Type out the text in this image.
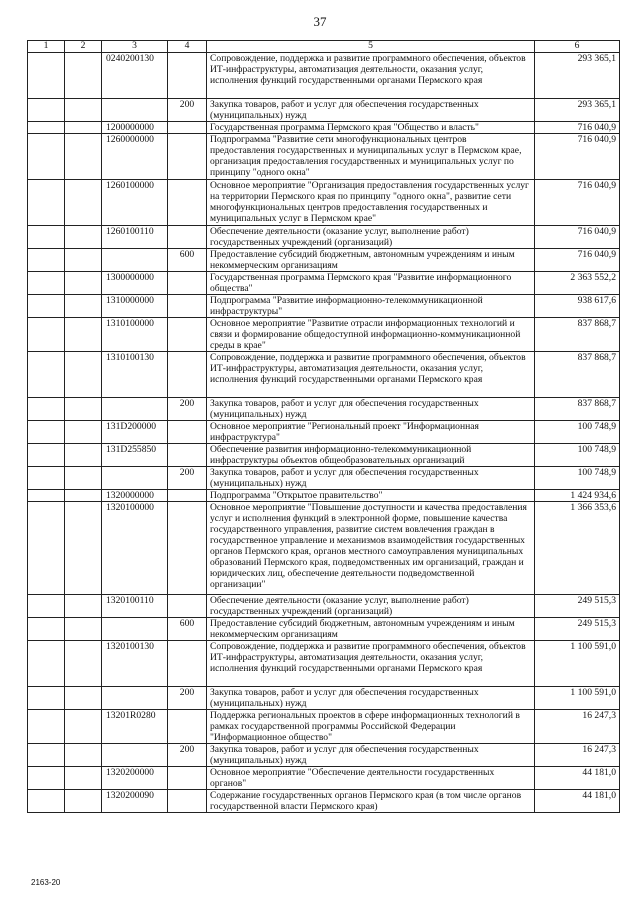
37
1	2	3	4	5	6
		0240200130		Сопровождение, поддержка и развитие программного обеспечения, объектов ИТ-инфраструктуры, автоматизация деятельности, оказания услуг, исполнения функций государственными органами Пермского края	293 365,1
			200	Закупка товаров, работ и услуг для обеспечения государственных (муниципальных) нужд	293 365,1
		1200000000		Государственная программа Пермского края "Общество и власть"	716 040,9
		1260000000		Подпрограмма "Развитие сети многофункциональных центров предоставления государственных и муниципальных услуг в Пермском крае, организация предоставления государственных и муниципальных услуг по принципу "одного окна"	716 040,9
		1260100000		Основное мероприятие "Организация предоставления государственных услуг на территории Пермского края по принципу "одного окна", развитие сети многофункциональных центров предоставления государственных и муниципальных услуг в Пермском крае"	716 040,9
		1260100110		Обеспечение деятельности (оказание услуг, выполнение работ) государственных учреждений (организаций)	716 040,9
			600	Предоставление субсидий бюджетным, автономным учреждениям и иным некоммерческим организациям	716 040,9
		1300000000		Государственная программа Пермского края "Развитие информационного общества"	2 363 552,2
		1310000000		Подпрограмма "Развитие информационно-телекоммуникационной инфраструктуры"	938 617,6
		1310100000		Основное мероприятие "Развитие отрасли информационных технологий и связи и формирование общедоступной информационно-коммуникационной среды в крае"	837 868,7
		1310100130		Сопровождение, поддержка и развитие программного обеспечения, объектов ИТ-инфраструктуры, автоматизация деятельности, оказания услуг, исполнения функций государственными органами Пермского края	837 868,7
			200	Закупка товаров, работ и услуг для обеспечения государственных (муниципальных) нужд	837 868,7
		131D200000		Основное мероприятие "Региональный проект "Информационная инфраструктура"	100 748,9
		131D255850		Обеспечение развития информационно-телекоммуникационной инфраструктуры объектов общеобразовательных организаций	100 748,9
			200	Закупка товаров, работ и услуг для обеспечения государственных (муниципальных) нужд	100 748,9
		1320000000		Подпрограмма "Открытое правительство"	1 424 934,6
		1320100000		Основное мероприятие "Повышение доступности и качества предоставления услуг и исполнения функций в электронной форме, повышение качества государственного управления, развитие систем вовлечения граждан в государственное управление и механизмов взаимодействия государственных органов Пермского края, органов местного самоуправления муниципальных образований Пермского края, подведомственных им организаций, граждан и юридических лиц, обеспечение деятельности подведомственной организации"	1 366 353,6
		1320100110		Обеспечение деятельности (оказание услуг, выполнение работ) государственных учреждений (организаций)	249 515,3
			600	Предоставление субсидий бюджетным, автономным учреждениям и иным некоммерческим организациям	249 515,3
		1320100130		Сопровождение, поддержка и развитие программного обеспечения, объектов ИТ-инфраструктуры, автоматизация деятельности, оказания услуг, исполнения функций государственными органами Пермского края	1 100 591,0
			200	Закупка товаров, работ и услуг для обеспечения государственных (муниципальных) нужд	1 100 591,0
		13201R0280		Поддержка региональных проектов в сфере информационных технологий в рамках государственной программы Российской Федерации "Информационное общество"	16 247,3
			200	Закупка товаров, работ и услуг для обеспечения государственных (муниципальных) нужд	16 247,3
		1320200000		Основное мероприятие "Обеспечение деятельности государственных органов"	44 181,0
		1320200090		Содержание государственных органов Пермского края (в том числе органов государственной власти Пермского края)	44 181,0
2163-20
